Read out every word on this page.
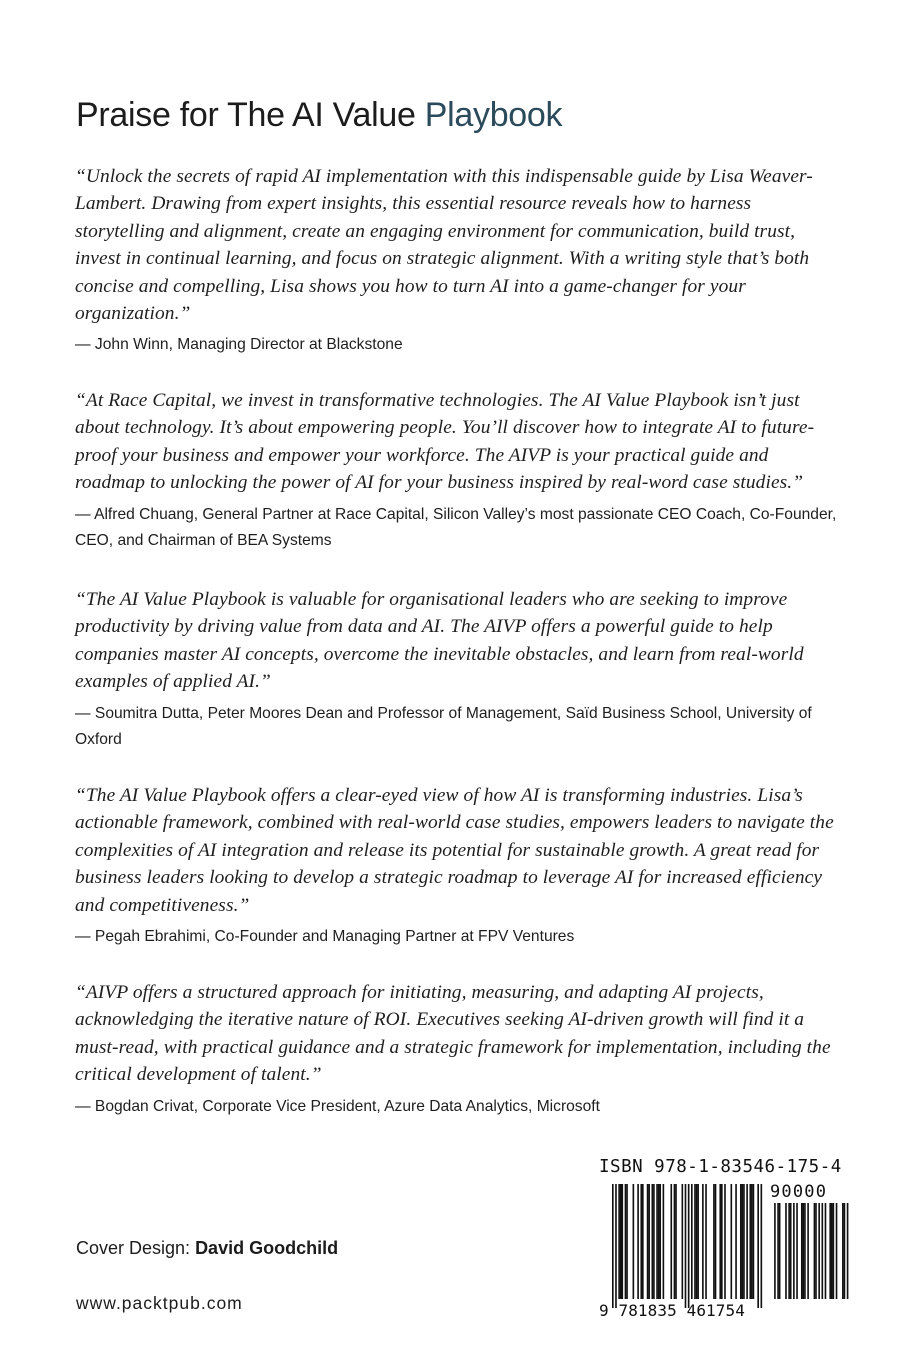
Praise for The AI Value Playbook

“Unlock the secrets of rapid AI implementation with this indispensable guide by Lisa Weaver-Lambert. Drawing from expert insights, this essential resource reveals how to harness storytelling and alignment, create an engaging environment for communication, build trust, invest in continual learning, and focus on strategic alignment. With a writing style that’s both concise and compelling, Lisa shows you how to turn AI into a game-changer for your organization.”

— John Winn, Managing Director at Blackstone

“At Race Capital, we invest in transformative technologies. The AI Value Playbook isn’t just about technology. It’s about empowering people. You’ll discover how to integrate AI to future-proof your business and empower your workforce. The AIVP is your practical guide and roadmap to unlocking the power of AI for your business inspired by real-word case studies.”

— Alfred Chuang, General Partner at Race Capital, Silicon Valley’s most passionate CEO Coach, Co-Founder, CEO, and Chairman of BEA Systems

“The AI Value Playbook is valuable for organisational leaders who are seeking to improve productivity by driving value from data and AI. The AIVP offers a powerful guide to help companies master AI concepts, overcome the inevitable obstacles, and learn from real-world examples of applied AI.”

— Soumitra Dutta, Peter Moores Dean and Professor of Management, Saïd Business School, University of Oxford

“The AI Value Playbook offers a clear-eyed view of how AI is transforming industries. Lisa’s actionable framework, combined with real-world case studies, empowers leaders to navigate the complexities of AI integration and release its potential for sustainable growth. A great read for business leaders looking to develop a strategic roadmap to leverage AI for increased efficiency and competitiveness.”

— Pegah Ebrahimi, Co-Founder and Managing Partner at FPV Ventures

“AIVP offers a structured approach for initiating, measuring, and adapting AI projects, acknowledging the iterative nature of ROI. Executives seeking AI-driven growth will find it a must-read, with practical guidance and a strategic framework for implementation, including the critical development of talent.”

— Bogdan Crivat, Corporate Vice President, Azure Data Analytics, Microsoft

Cover Design: David Goodchild
www.packtpub.com
ISBN 978-1-83546-175-4
90000
9 781835 461754
